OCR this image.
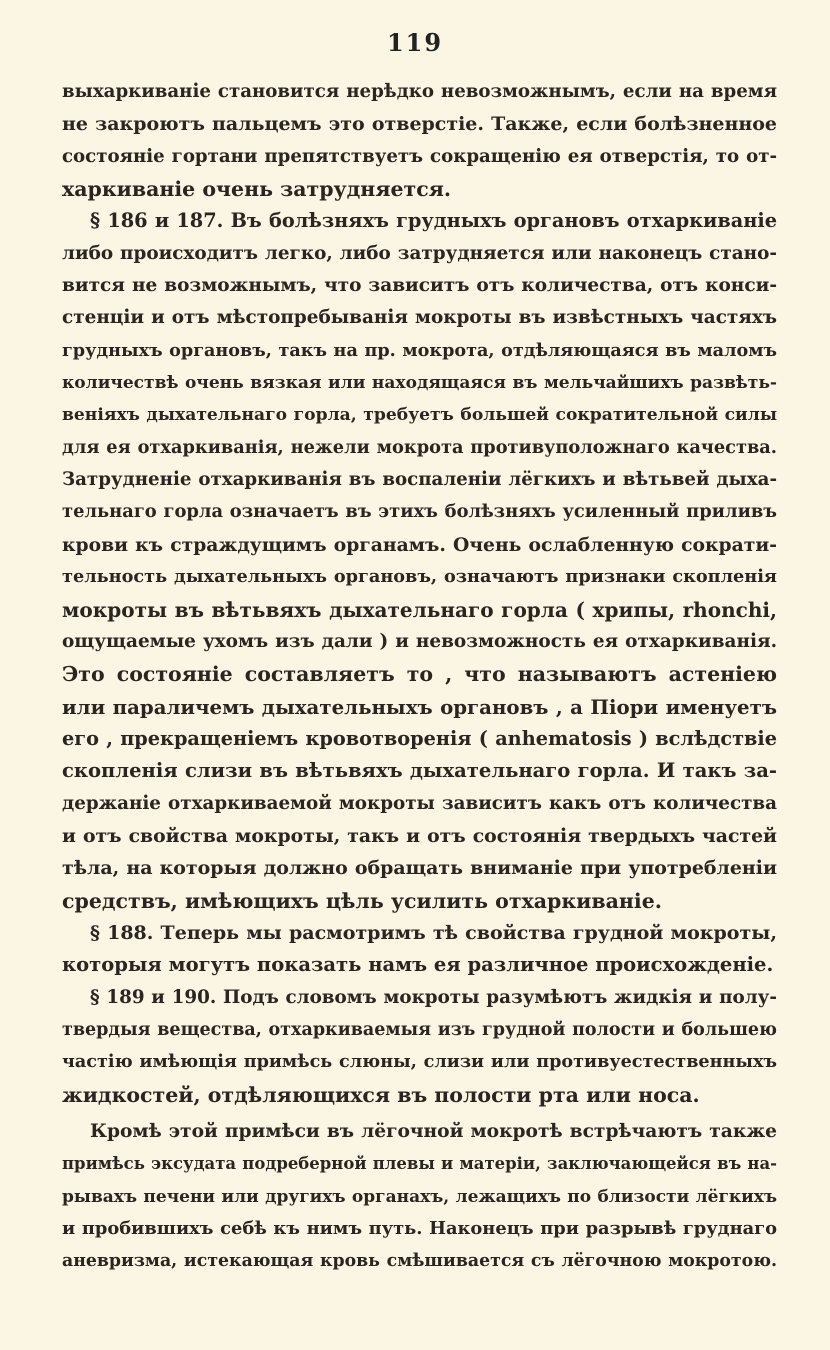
119
выхаркиваніе становится нерѣдко невозможнымъ, если на время
не закроютъ пальцемъ это отверстіе. Также, если болѣзненное
состояніе гортани препятствуетъ сокращенію ея отверстія, то от-
харкиваніе очень затрудняется.
§ 186 и 187. Въ болѣзняхъ грудныхъ органовъ отхаркиваніе
либо происходитъ легко, либо затрудняется или наконецъ стано-
вится не возможнымъ, что зависитъ отъ количества, отъ конси-
стенціи и отъ мѣстопребыванія мокроты въ извѣстныхъ частяхъ
грудныхъ органовъ, такъ на пр. мокрота, отдѣляющаяся въ маломъ
количествѣ очень вязкая или находящаяся въ мельчайшихъ развѣть-
веніяхъ дыхательнаго горла, требуетъ большей сократительной силы
для ея отхаркиванія, нежели мокрота противуположнаго качества.
Затрудненіе отхаркиванія въ воспаленіи лёгкихъ и вѣтьвей дыха-
тельнаго горла означаетъ въ этихъ болѣзняхъ усиленный приливъ
крови къ страждущимъ органамъ. Очень ослабленную сократи-
тельность дыхательныхъ органовъ, означаютъ признаки скопленія
мокроты въ вѣтьвяхъ дыхательнаго горла ( хрипы, rhonchi,
ощущаемые ухомъ изъ дали ) и невозможность ея отхаркиванія.
Это состояніе составляетъ то , что называютъ астеніею
или параличемъ дыхательныхъ органовъ , а Піори именуетъ
его , прекращеніемъ кровотворенія ( anhematosis ) вслѣдствіе
скопленія слизи въ вѣтьвяхъ дыхательнаго горла. И такъ за-
держаніе отхаркиваемой мокроты зависитъ какъ отъ количества
и отъ свойства мокроты, такъ и отъ состоянія твердыхъ частей
тѣла, на которыя должно обращать вниманіе при употребленіи
средствъ, имѣющихъ цѣль усилить отхаркиваніе.
§ 188. Теперь мы расмотримъ тѣ свойства грудной мокроты,
которыя могутъ показать намъ ея различное происхожденіе.
§ 189 и 190. Подъ словомъ мокроты разумѣютъ жидкія и полу-
твердыя вещества, отхаркиваемыя изъ грудной полости и большею
частію имѣющія примѣсь слюны, слизи или противуестественныхъ
жидкостей, отдѣляющихся въ полости рта или носа.
Кромѣ этой примѣси въ лёгочной мокротѣ встрѣчаютъ также
примѣсь эксудата подреберной плевы и матеріи, заключающейся въ на-
рывахъ печени или другихъ органахъ, лежащихъ по близости лёгкихъ
и пробившихъ себѣ къ нимъ путь. Наконецъ при разрывѣ груднаго
аневризма, истекающая кровь смѣшивается съ лёгочною мокротою.
